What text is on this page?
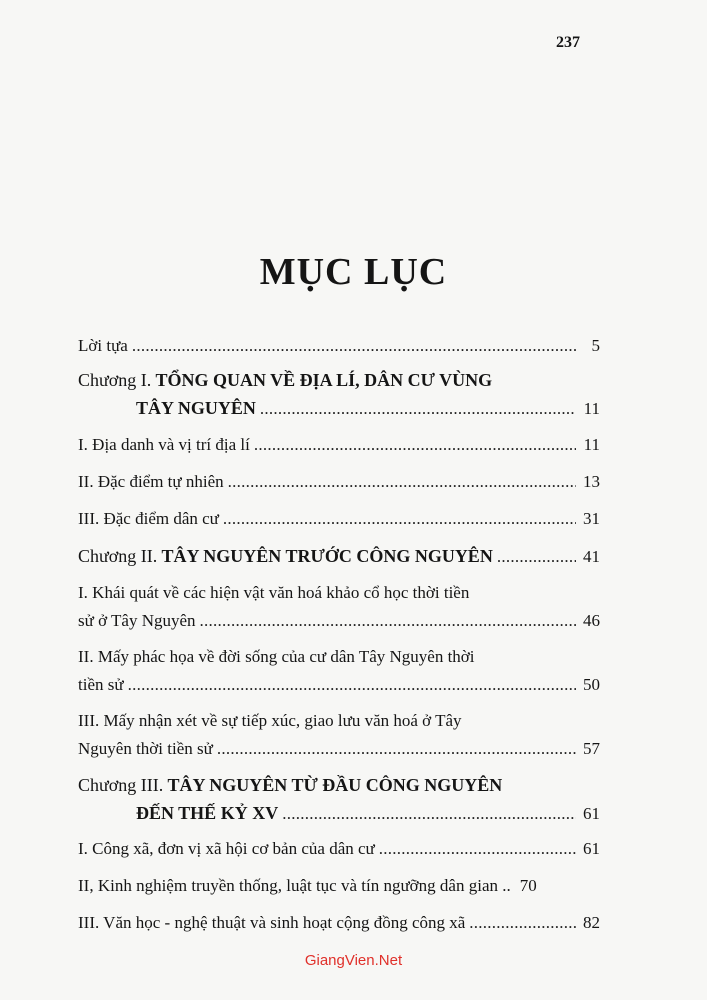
237
MỤC LỤC
Lời tựa . . .	5
Chương I. TỔNG QUAN VỀ ĐỊA LÍ, DÂN CƯ VÙNG
TÂY NGUYÊN . . .	11
I. Địa danh và vị trí địa lí . . .	11
II. Đặc điểm tự nhiên . . .	13
III. Đặc điểm dân cư . . .	31
Chương II. TÂY NGUYÊN TRƯỚC CÔNG NGUYÊN . . .	41
I. Khái quát về các hiện vật văn hoá khảo cổ học thời tiền
sử ở Tây Nguyên . . .	46
II. Mấy phác họa về đời sống của cư dân Tây Nguyên thời
tiền sử . . .	50
III. Mấy nhận xét về sự tiếp xúc, giao lưu văn hoá ở Tây
Nguyên thời tiền sử . . .	57
Chương III. TÂY NGUYÊN TỪ ĐẦU CÔNG NGUYÊN
ĐẾN THẾ KỶ XV . . .	61
I. Công xã, đơn vị xã hội cơ bản của dân cư . . .	61
II, Kinh nghiệm truyền thống, luật tục và tín ngưỡng dân gian .. 70
III. Văn học - nghệ thuật và sinh hoạt cộng đồng công xã . . .	82
GiangVien.Net
